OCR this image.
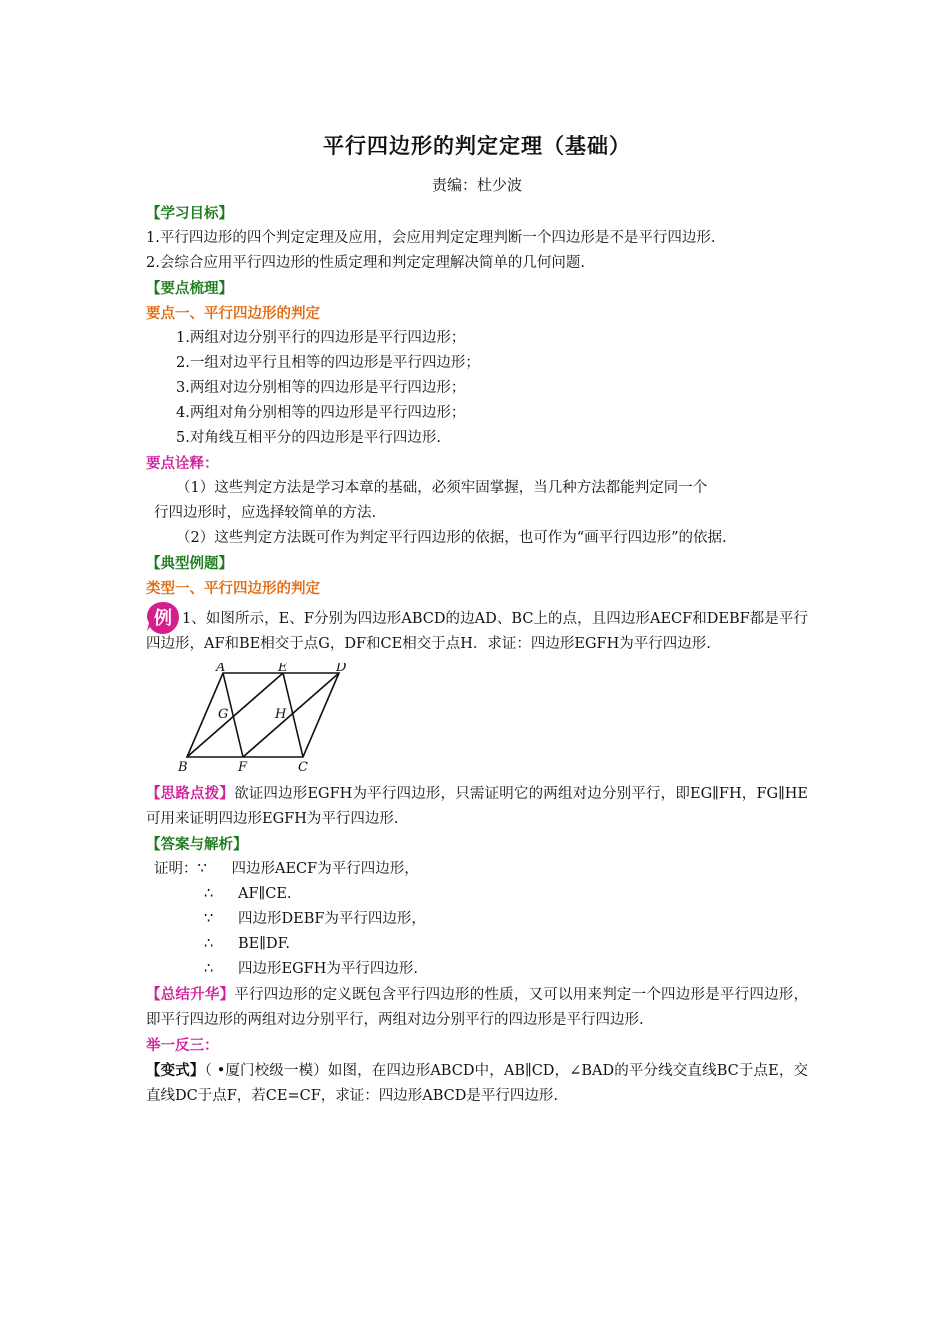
平行四边形的判定定理（基础）
责编：杜少波

【学习目标】

1.平行四边形的四个判定定理及应用，会应用判定定理判断一个四边形是不是平行四边形.

2.会综合应用平行四边形的性质定理和判定定理解决简单的几何问题.

【要点梳理】

要点一、平行四边形的判定

1.两组对边分别平行的四边形是平行四边形；

2.一组对边平行且相等的四边形是平行四边形；

3.两组对边分别相等的四边形是平行四边形；

4.两组对角分别相等的四边形是平行四边形；

5.对角线互相平分的四边形是平行四边形.

要点诠释：

（1）这些判定方法是学习本章的基础，必须牢固掌握，当几种方法都能判定同一个

行四边形时，应选择较简单的方法.

（2）这些判定方法既可作为判定平行四边形的依据，也可作为“画平行四边形”的依据.

【典型例题】

类型一、平行四边形的判定

例 1、如图所示，E、F分别为四边形ABCD的边AD、BC上的点，且四边形AECF和DEBF都是平行四边形，AF和BE相交于点G，DF和CE相交于点H．求证：四边形EGFH为平行四边形.

A	E	D
G	H
B	F	C

【思路点拨】欲证四边形EGFH为平行四边形，只需证明它的两组对边分别平行，即EG∥FH，FG∥HE可用来证明四边形EGFH为平行四边形.

【答案与解析】

证明：∵ 四边形AECF为平行四边形，

∴ AF∥CE.

∵ 四边形DEBF为平行四边形，

∴ BE∥DF.

∴ 四边形EGFH为平行四边形.

【总结升华】平行四边形的定义既包含平行四边形的性质，又可以用来判定一个四边形是平行四边形，即平行四边形的两组对边分别平行，两组对边分别平行的四边形是平行四边形.

举一反三：

【变式】（ •厦门校级一模）如图，在四边形ABCD中，AB∥CD，∠BAD的平分线交直线BC于点E，交直线DC于点F，若CE=CF，求证：四边形ABCD是平行四边形.
